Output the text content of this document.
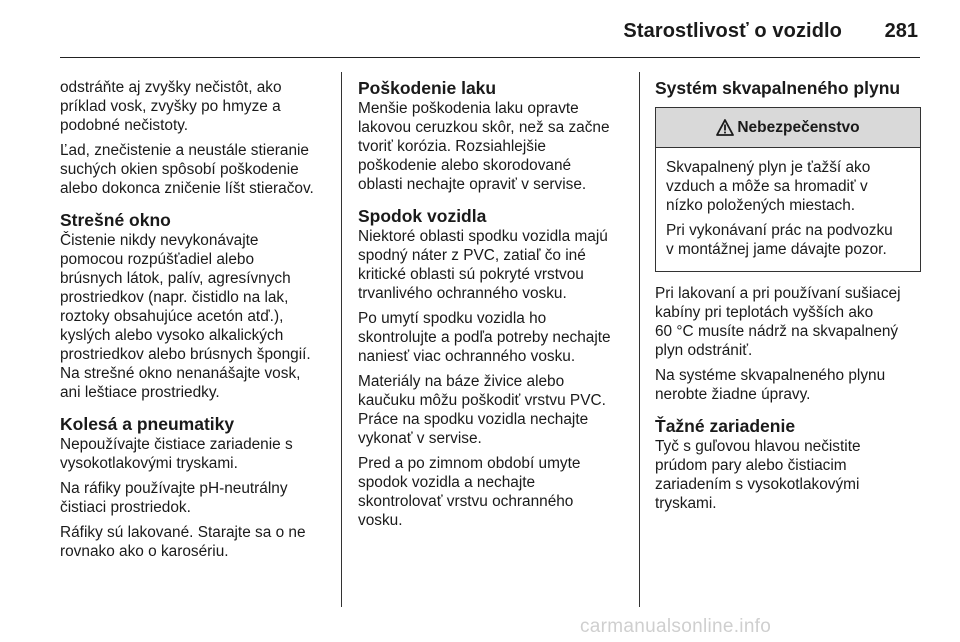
Starostlivosť o vozidlo 281

odstráňte aj zvyšky nečistôt, ako
príklad vosk, zvyšky po hmyze a
podobné nečistoty.

Ľad, znečistenie a neustále stieranie
suchých okien spôsobí poškodenie
alebo dokonca zničenie líšt stieračov.

Strešné okno

Čistenie nikdy nevykonávajte
pomocou rozpúšťadiel alebo
brúsnych látok, palív, agresívnych
prostriedkov (napr. čistidlo na lak,
roztoky obsahujúce acetón atď.),
kyslých alebo vysoko alkalických
prostriedkov alebo brúsnych špongií.
Na strešné okno nenanášajte vosk,
ani leštiace prostriedky.

Kolesá a pneumatiky

Nepoužívajte čistiace zariadenie s
vysokotlakovými tryskami.

Na ráfiky používajte pH-neutrálny
čistiaci prostriedok.

Ráfiky sú lakované. Starajte sa o ne
rovnako ako o karosériu.

Poškodenie laku

Menšie poškodenia laku opravte
lakovou ceruzkou skôr, než sa začne
tvoriť korózia. Rozsiahlejšie
poškodenie alebo skorodované
oblasti nechajte opraviť v servise.

Spodok vozidla

Niektoré oblasti spodku vozidla majú
spodný náter z PVC, zatiaľ čo iné
kritické oblasti sú pokryté vrstvou
trvanlivého ochranného vosku.

Po umytí spodku vozidla ho
skontrolujte a podľa potreby nechajte
naniesť viac ochranného vosku.

Materiály na báze živice alebo
kaučuku môžu poškodiť vrstvu PVC.
Práce na spodku vozidla nechajte
vykonať v servise.

Pred a po zimnom období umyte
spodok vozidla a nechajte
skontrolovať vrstvu ochranného
vosku.

Systém skvapalneného plynu
Nebezpečenstvo

Skvapalnený plyn je ťažší ako
vzduch a môže sa hromadiť v
nízko položených miestach.

Pri vykonávaní prác na podvozku
v montážnej jame dávajte pozor.

Pri lakovaní a pri používaní sušiacej
kabíny pri teplotách vyšších ako
60 °C musíte nádrž na skvapalnený
plyn odstrániť.

Na systéme skvapalneného plynu
nerobte žiadne úpravy.

Ťažné zariadenie

Tyč s guľovou hlavou nečistite
prúdom pary alebo čistiacim
zariadením s vysokotlakovými
tryskami.

carmanualsonline.info
